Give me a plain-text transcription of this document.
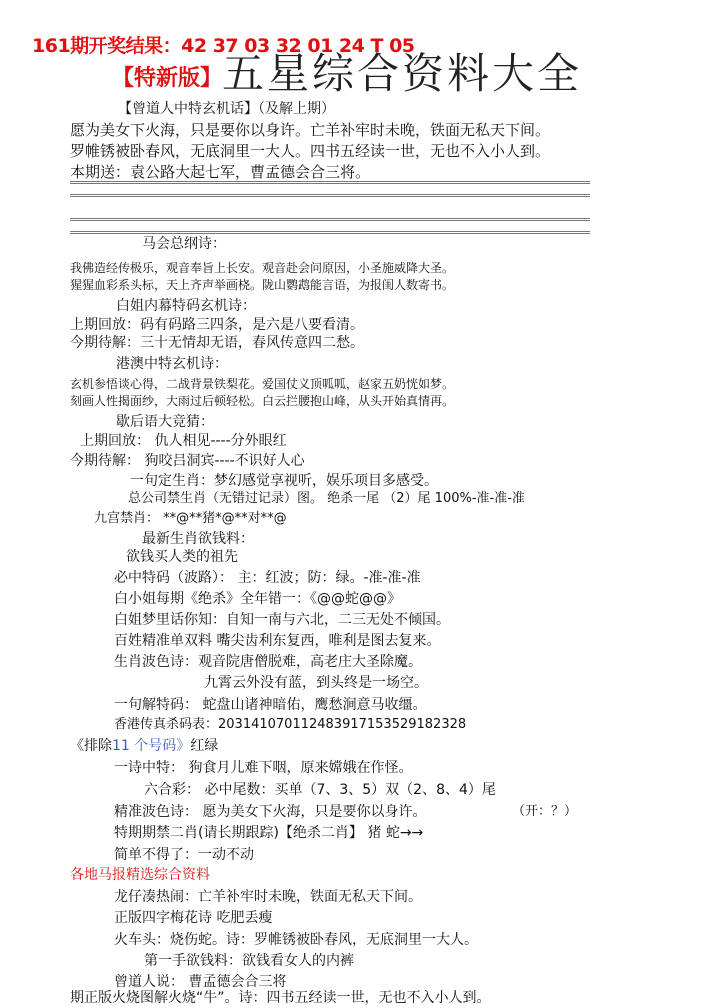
161期开奖结果：42 37 03 32 01 24 T 05
【特新版】 五星综合资料大全
【曾道人中特玄机话】（及解上期）
愿为美女下火海，只是要你以身许。亡羊补牢时未晚，铁面无私天下间。
罗帷锈被卧春风，无底洞里一大人。四书五经读一世，无也不入小人到。
本期送：袁公路大起七军，曹孟德会合三将。
马会总纲诗：
我佛造经传极乐，观音奉旨上长安。观音赴会问原因，小圣施威降大圣。
猩猩血彩系头标，天上齐声举画桡。陇山鹦鹉能言语，为报闺人数寄书。
白姐内幕特码玄机诗：
上期回放：码有码路三四条，是六是八要看清。
今期待解：三十无情却无语，春风传意四二愁。
港澳中特玄机诗：
玄机参悟谈心得，二战背景铁梨花。爱国仗义顶呱呱，赵家五奶恍如梦。
刻画人性揭面纱，大雨过后顿轻松。白云拦腰抱山峰，从头开始真情再。
歇后语大竞猜：
上期回放： 仇人相见----分外眼红
今期待解： 狗咬吕洞宾----不识好人心
一句定生肖：梦幻感觉享视听，娱乐项目多感受。
总公司禁生肖（无错过记录）图。 绝杀一尾 （2）尾 100%-准-准-准
九宫禁肖： **@**猪*@**对**@
最新生肖欲钱料：
欲钱买人类的祖先
必中特码（波路）： 主：红波；防：绿。-准-准-准
白小姐每期《绝杀》全年错一：《@@蛇@@》
白姐梦里话你知：自知一南与六北，二三无处不倾国。
百姓精准单双料 嘴尖齿利东复西，唯利是图去复来。
生肖波色诗：观音院唐僧脱难，高老庄大圣除魔。
九霄云外没有蓝，到头终是一场空。
一句解特码： 蛇盘山诸神暗佑，鹰愁涧意马收缰。
香港传真杀码表：2031410701124839171535291823​28
《排除11 个号码》红绿
一诗中特： 狗食月儿难下咽，原来嫦娥在作怪。
六合彩： 必中尾数：买单（7、3、5）双（2、8、4）尾
精准波色诗： 愿为美女下火海，只是要你以身许。	（开：？）
特期期禁二肖(请长期跟踪)【绝杀二肖】 猪 蛇→→
简单不得了：一动不动
各地马报精选综合资料
龙仔凑热闹：亡羊补牢时未晚，铁面无私天下间。
正版四字梅花诗 吃肥丢瘦
火车头：烧伤蛇。诗：罗帷锈被卧春风，无底洞里一大人。
第一手欲钱料：欲钱看女人的内裤
曾道人说： 曹孟德会合三将
期正版火烧图解火烧“牛”。诗：四书五经读一世，无也不入小人到。
